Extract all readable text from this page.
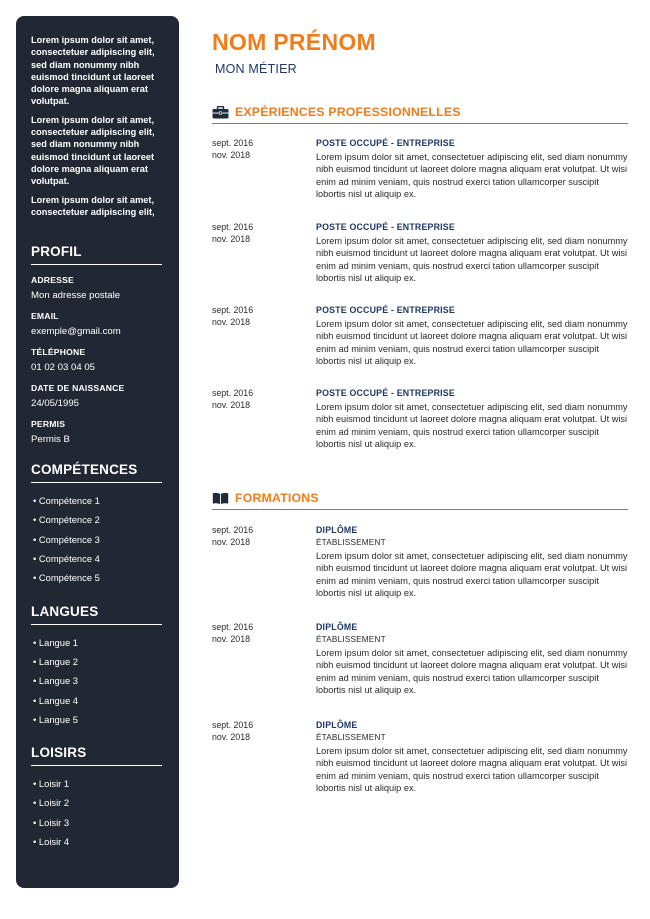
Lorem ipsum dolor sit amet, consectetuer adipiscing elit, sed diam nonummy nibh euismod tincidunt ut laoreet dolore magna aliquam erat volutpat.

Lorem ipsum dolor sit amet, consectetuer adipiscing elit, sed diam nonummy nibh euismod tincidunt ut laoreet dolore magna aliquam erat volutpat.

Lorem ipsum dolor sit amet, consectetuer adipiscing elit,

PROFIL
ADRESSE
Mon adresse postale
EMAIL
exemple@gmail.com
TÉLÉPHONE
01 02 03 04 05
DATE DE NAISSANCE
24/05/1995
PERMIS
Permis B
COMPÉTENCES
• Compétence 1
• Compétence 2
• Compétence 3
• Compétence 4
• Compétence 5
LANGUES
• Langue 1
• Langue 2
• Langue 3
• Langue 4
• Langue 5
LOISIRS
• Loisir 1
• Loisir 2
• Loisir 3
• Loisir 4
NOM PRÉNOM
MON MÉTIER
EXPÉRIENCES PROFESSIONNELLES
sept. 2016
nov. 2018
POSTE OCCUPÉ - ENTREPRISE
Lorem ipsum dolor sit amet, consectetuer adipiscing elit, sed diam nonummy nibh euismod tincidunt ut laoreet dolore magna aliquam erat volutpat. Ut wisi enim ad minim veniam, quis nostrud exerci tation ullamcorper suscipit lobortis nisl ut aliquip ex.
sept. 2016
nov. 2018
POSTE OCCUPÉ - ENTREPRISE
Lorem ipsum dolor sit amet, consectetuer adipiscing elit, sed diam nonummy nibh euismod tincidunt ut laoreet dolore magna aliquam erat volutpat. Ut wisi enim ad minim veniam, quis nostrud exerci tation ullamcorper suscipit lobortis nisl ut aliquip ex.
sept. 2016
nov. 2018
POSTE OCCUPÉ - ENTREPRISE
Lorem ipsum dolor sit amet, consectetuer adipiscing elit, sed diam nonummy nibh euismod tincidunt ut laoreet dolore magna aliquam erat volutpat. Ut wisi enim ad minim veniam, quis nostrud exerci tation ullamcorper suscipit lobortis nisl ut aliquip ex.
sept. 2016
nov. 2018
POSTE OCCUPÉ - ENTREPRISE
Lorem ipsum dolor sit amet, consectetuer adipiscing elit, sed diam nonummy nibh euismod tincidunt ut laoreet dolore magna aliquam erat volutpat. Ut wisi enim ad minim veniam, quis nostrud exerci tation ullamcorper suscipit lobortis nisl ut aliquip ex.
FORMATIONS
sept. 2016
nov. 2018
DIPLÔME
ÉTABLISSEMENT
Lorem ipsum dolor sit amet, consectetuer adipiscing elit, sed diam nonummy nibh euismod tincidunt ut laoreet dolore magna aliquam erat volutpat. Ut wisi enim ad minim veniam, quis nostrud exerci tation ullamcorper suscipit lobortis nisl ut aliquip ex.
sept. 2016
nov. 2018
DIPLÔME
ÉTABLISSEMENT
Lorem ipsum dolor sit amet, consectetuer adipiscing elit, sed diam nonummy nibh euismod tincidunt ut laoreet dolore magna aliquam erat volutpat. Ut wisi enim ad minim veniam, quis nostrud exerci tation ullamcorper suscipit lobortis nisl ut aliquip ex.
sept. 2016
nov. 2018
DIPLÔME
ÉTABLISSEMENT
Lorem ipsum dolor sit amet, consectetuer adipiscing elit, sed diam nonummy nibh euismod tincidunt ut laoreet dolore magna aliquam erat volutpat. Ut wisi enim ad minim veniam, quis nostrud exerci tation ullamcorper suscipit lobortis nisl ut aliquip ex.
